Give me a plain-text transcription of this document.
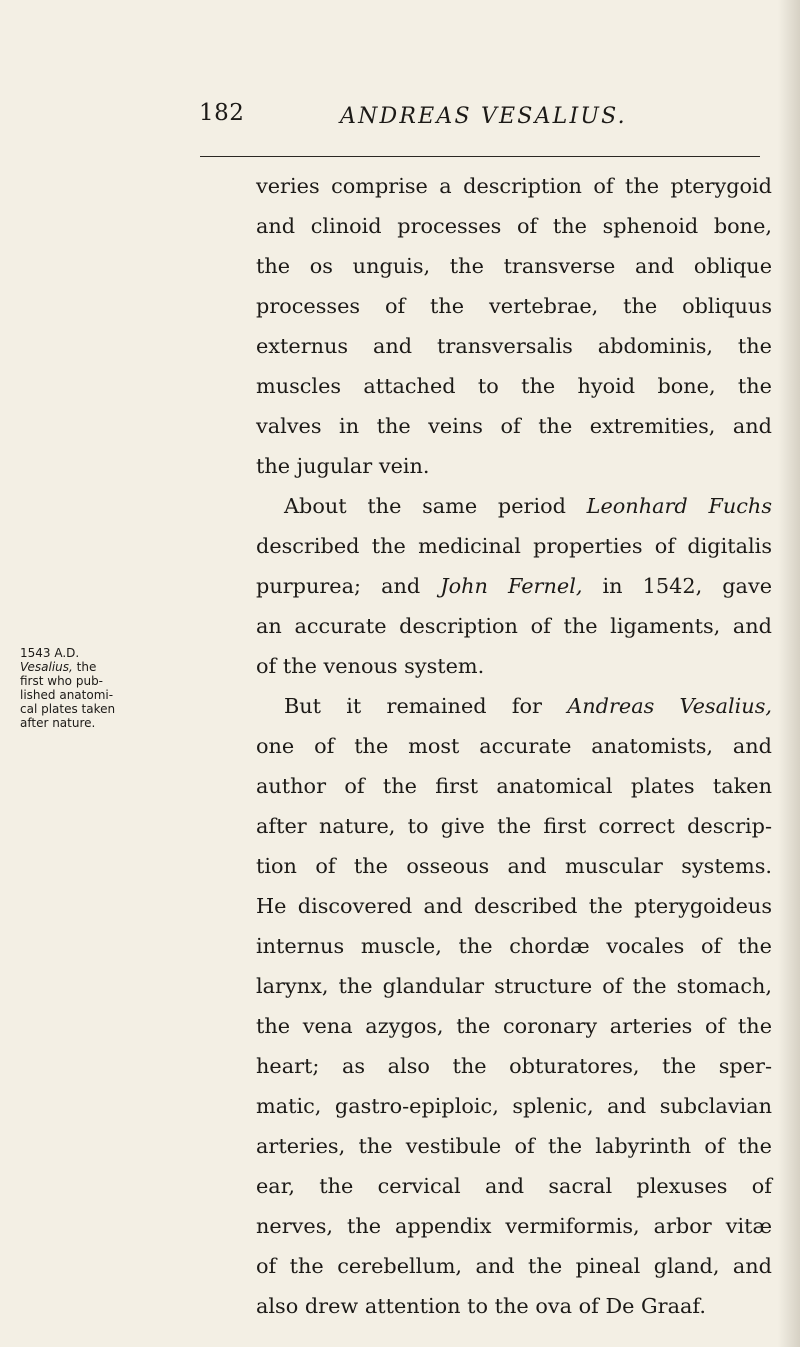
182	ANDREAS VESALIUS.
1543 A.D.
Vesalius, the
first who pub-
lished anatomi-
cal plates taken
after nature.
veries comprise a description of the pterygoid
and clinoid processes of the sphenoid bone,
the os unguis, the transverse and oblique
processes of the vertebrae, the obliquus
externus and transversalis abdominis, the
muscles attached to the hyoid bone, the
valves in the veins of the extremities, and
the jugular vein.
About the same period Leonhard Fuchs
described the medicinal properties of digitalis
purpurea; and John Fernel, in 1542, gave
an accurate description of the ligaments, and
of the venous system.
But it remained for Andreas Vesalius,
one of the most accurate anatomists, and
author of the first anatomical plates taken
after nature, to give the first correct descrip-
tion of the osseous and muscular systems.
He discovered and described the pterygoideus
internus muscle, the chordæ vocales of the
larynx, the glandular structure of the stomach,
the vena azygos, the coronary arteries of the
heart; as also the obturatores, the sper-
matic, gastro-epiploic, splenic, and subclavian
arteries, the vestibule of the labyrinth of the
ear, the cervical and sacral plexuses of
nerves, the appendix vermiformis, arbor vitæ
of the cerebellum, and the pineal gland, and
also drew attention to the ova of De Graaf.
